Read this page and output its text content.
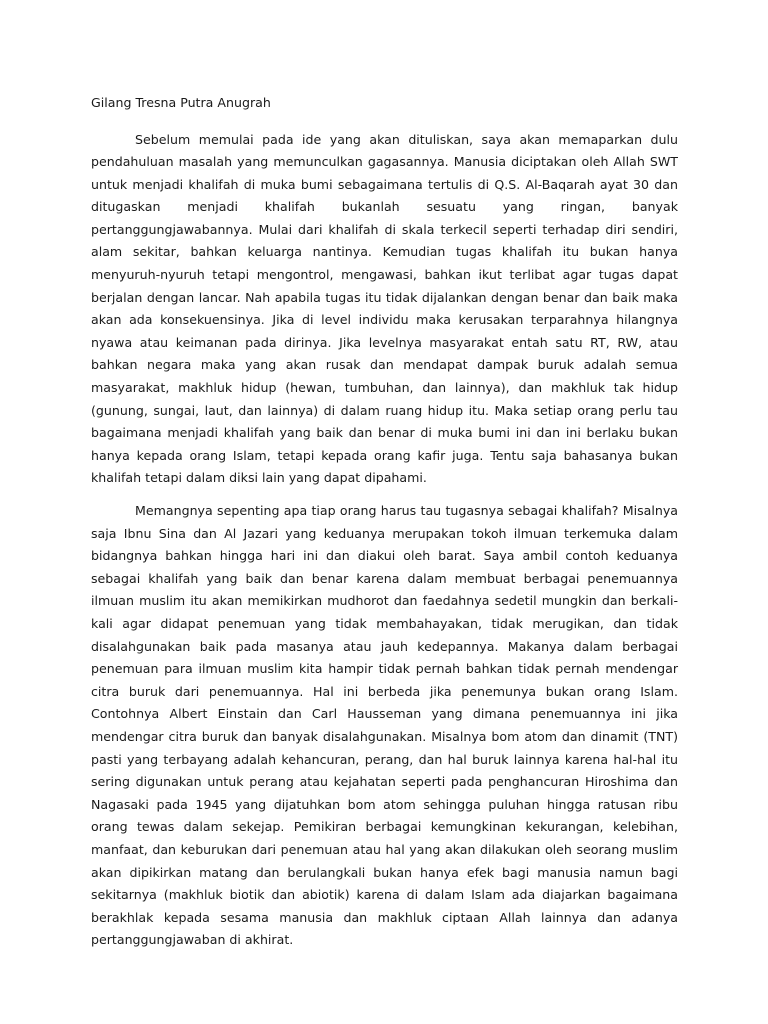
Gilang Tresna Putra Anugrah

Sebelum memulai pada ide yang akan dituliskan, saya akan memaparkan dulu pendahuluan masalah yang memunculkan gagasannya. Manusia diciptakan oleh Allah SWT untuk menjadi khalifah di muka bumi sebagaimana tertulis di Q.S. Al-Baqarah ayat 30 dan ditugaskan menjadi khalifah bukanlah sesuatu yang ringan, banyak pertanggungjawabannya. Mulai dari khalifah di skala terkecil seperti terhadap diri sendiri, alam sekitar, bahkan keluarga nantinya. Kemudian tugas khalifah itu bukan hanya menyuruh-nyuruh tetapi mengontrol, mengawasi, bahkan ikut terlibat agar tugas dapat berjalan dengan lancar. Nah apabila tugas itu tidak dijalankan dengan benar dan baik maka akan ada konsekuensinya. Jika di level individu maka kerusakan terparahnya hilangnya nyawa atau keimanan pada dirinya. Jika levelnya masyarakat entah satu RT, RW, atau bahkan negara maka yang akan rusak dan mendapat dampak buruk adalah semua masyarakat, makhluk hidup (hewan, tumbuhan, dan lainnya), dan makhluk tak hidup (gunung, sungai, laut, dan lainnya) di dalam ruang hidup itu. Maka setiap orang perlu tau bagaimana menjadi khalifah yang baik dan benar di muka bumi ini dan ini berlaku bukan hanya kepada orang Islam, tetapi kepada orang kafir juga. Tentu saja bahasanya bukan khalifah tetapi dalam diksi lain yang dapat dipahami.

Memangnya sepenting apa tiap orang harus tau tugasnya sebagai khalifah? Misalnya saja Ibnu Sina dan Al Jazari yang keduanya merupakan tokoh ilmuan terkemuka dalam bidangnya bahkan hingga hari ini dan diakui oleh barat. Saya ambil contoh keduanya sebagai khalifah yang baik dan benar karena dalam membuat berbagai penemuannya ilmuan muslim itu akan memikirkan mudhorot dan faedahnya sedetil mungkin dan berkali-kali agar didapat penemuan yang tidak membahayakan, tidak merugikan, dan tidak disalahgunakan baik pada masanya atau jauh kedepannya. Makanya dalam berbagai penemuan para ilmuan muslim kita hampir tidak pernah bahkan tidak pernah mendengar citra buruk dari penemuannya. Hal ini berbeda jika penemunya bukan orang Islam. Contohnya Albert Einstain dan Carl Hausseman yang dimana penemuannya ini jika mendengar citra buruk dan banyak disalahgunakan. Misalnya bom atom dan dinamit (TNT) pasti yang terbayang adalah kehancuran, perang, dan hal buruk lainnya karena hal-hal itu sering digunakan untuk perang atau kejahatan seperti pada penghancuran Hiroshima dan Nagasaki pada 1945 yang dijatuhkan bom atom sehingga puluhan hingga ratusan ribu orang tewas dalam sekejap. Pemikiran berbagai kemungkinan kekurangan, kelebihan, manfaat, dan keburukan dari penemuan atau hal yang akan dilakukan oleh seorang muslim akan dipikirkan matang dan berulangkali bukan hanya efek bagi manusia namun bagi sekitarnya (makhluk biotik dan abiotik) karena di dalam Islam ada diajarkan bagaimana berakhlak kepada sesama manusia dan makhluk ciptaan Allah lainnya dan adanya pertanggungjawaban di akhirat.
